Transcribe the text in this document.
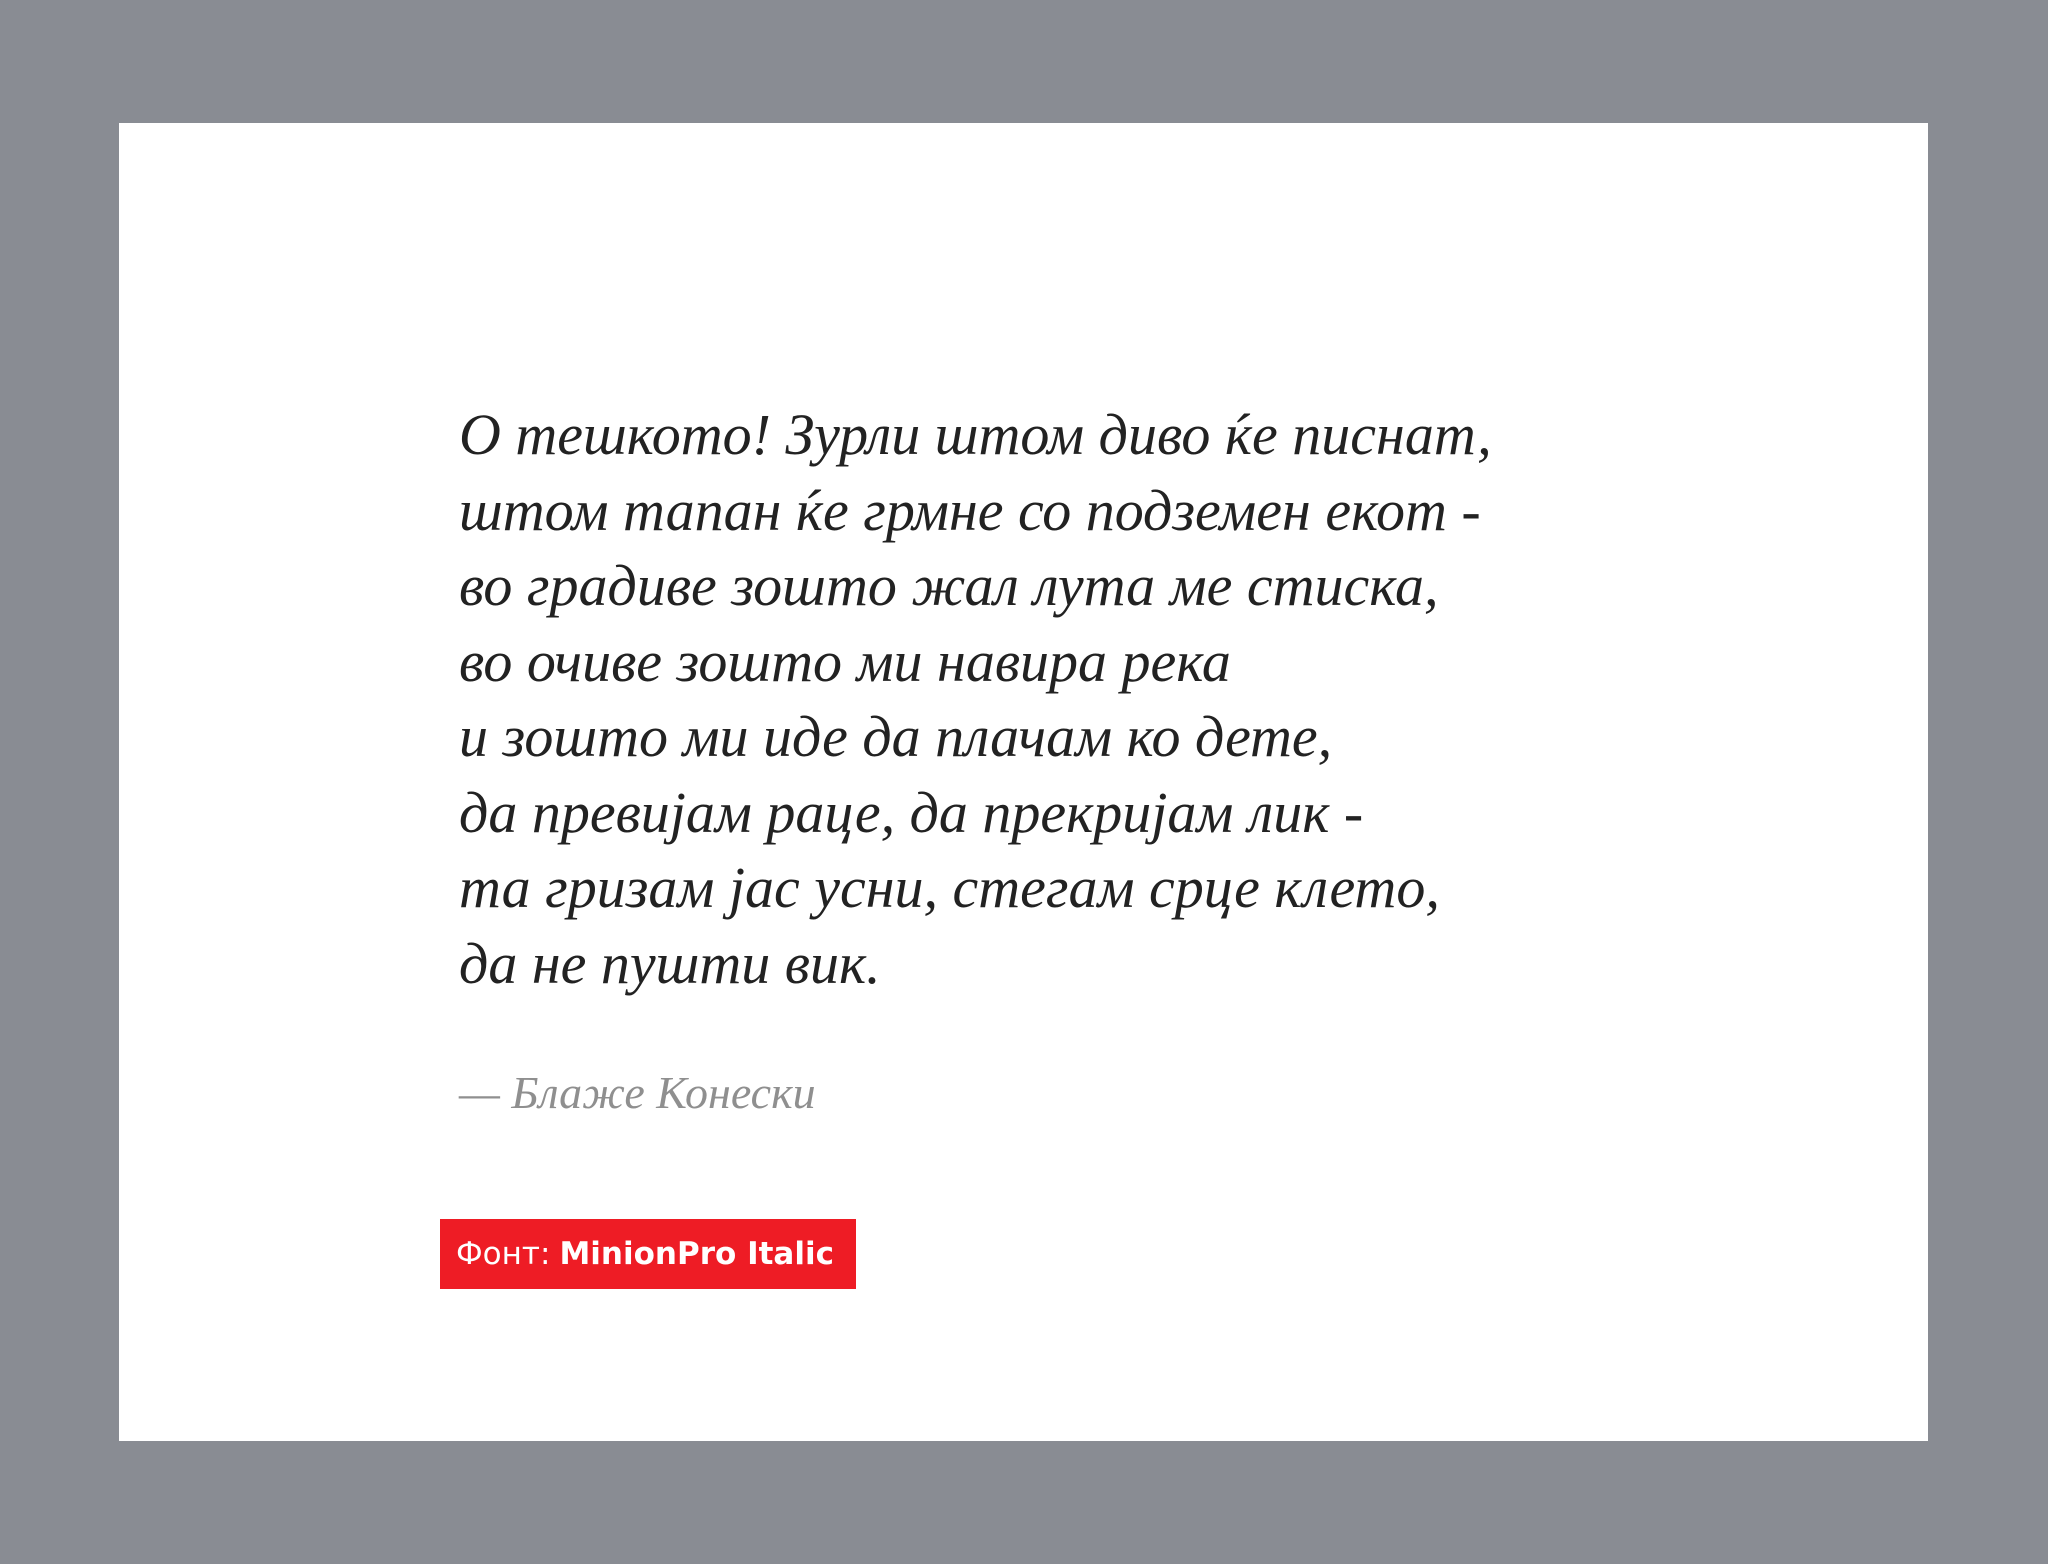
О тешкото! Зурли штом диво ќе писнат,
штом тапан ќе грмне со подземен екот -
во градиве зошто жал лута ме стиска,
во очиве зошто ми навира река
и зошто ми иде да плачам ко дете,
да превијам раце, да прекријам лик -
та гризам јас усни, стегам срце клето,
да не пушти вик.
— Блаже Конески
Фонт: MinionPro Italic
